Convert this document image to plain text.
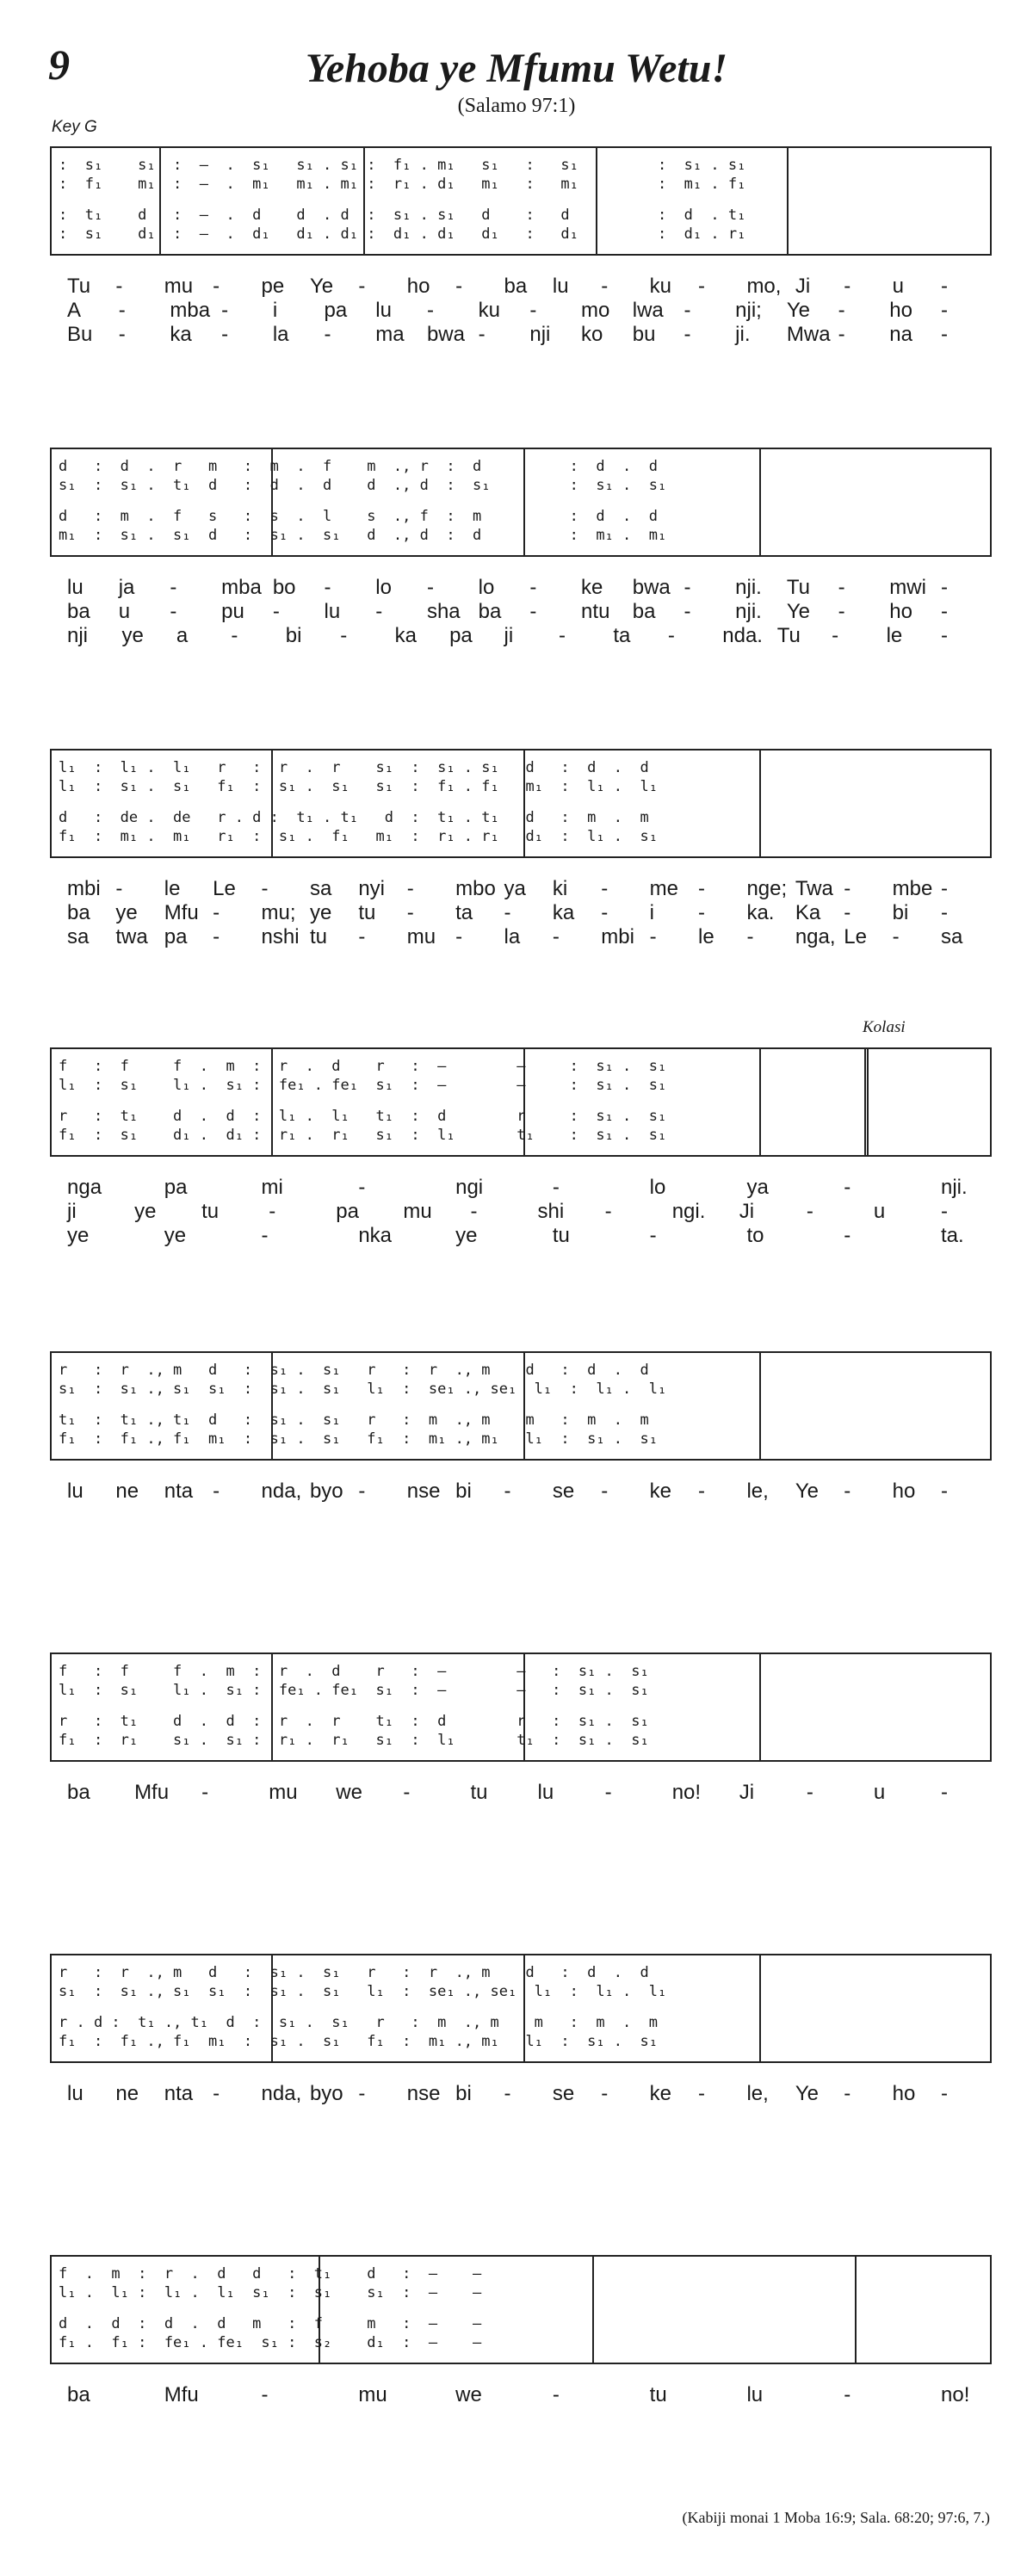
9	Yehoba ye Mfumu Wetu!
(Salamo 97:1)
Key G
Kolasi
:  s₁    s₁  :  –  .  s₁   s₁ . s₁ :  f₁ . m₁   s₁   :   s₁         :  s₁ . s₁
:  f₁    m₁  :  –  .  m₁   m₁ . m₁ :  r₁ . d₁   m₁   :   m₁         :  m₁ . f₁
:  t₁    d   :  –  .  d    d  . d  :  s₁ . s₁   d    :   d          :  d  . t₁
:  s₁    d₁  :  –  .  d₁   d₁ . d₁ :  d₁ . d₁   d₁   :   d₁         :  d₁ . r₁
Tu - mu - pe Ye - ho - ba lu - ku - mo, Ji - u -
A - mba - i pa lu - ku - mo lwa - nji; Ye - ho -
Bu - ka - la - ma bwa - nji ko bu - ji. Mwa - na -
d   :  d  .  r   m   :  m  .  f    m  ., r  :  d          :  d  .  d
s₁  :  s₁ .  t₁  d   :  d  .  d    d  ., d  :  s₁         :  s₁ .  s₁
d   :  m  .  f   s   :  s  .  l    s  ., f  :  m          :  d  .  d
m₁  :  s₁ .  s₁  d   :  s₁ .  s₁   d  ., d  :  d          :  m₁ .  m₁
lu ja - mba bo - lo - lo - ke bwa - nji. Tu - mwi -
ba u - pu - lu - sha ba - ntu ba - nji. Ye - ho -
nji ye a - bi - ka pa ji - ta - nda. Tu - le -
l₁  :  l₁ .  l₁   r   :  r  .  r    s₁  :  s₁ . s₁   d   :  d  .  d
l₁  :  s₁ .  s₁   f₁  :  s₁ .  s₁   s₁  :  f₁ . f₁   m₁  :  l₁ .  l₁
d   :  de .  de   r . d :  t₁ . t₁   d  :  t₁ . t₁   d   :  m  .  m
f₁  :  m₁ .  m₁   r₁  :  s₁ .  f₁   m₁  :  r₁ . r₁   d₁  :  l₁ .  s₁
mbi - le Le - sa nyi - mbo ya ki - me - nge; Twa - mbe -
ba ye Mfu - mu; ye tu - ta - ka - i - ka. Ka - bi -
sa twa pa - nshi tu - mu - la - mbi - le - nga, Le - sa
f   :  f     f  .  m  :  r  .  d    r   :  —        —     :  s₁ .  s₁
l₁  :  s₁    l₁ .  s₁ :  fe₁ . fe₁  s₁  :  —        —     :  s₁ .  s₁
r   :  t₁    d  .  d  :  l₁ .  l₁   t₁  :  d        r     :  s₁ .  s₁
f₁  :  s₁    d₁ .  d₁ :  r₁ .  r₁   s₁  :  l₁       t₁    :  s₁ .  s₁
nga	pa	mi	-	ngi	-	lo	ya	-	nji.
ji	ye tu -	pa mu -	shi -	ngi. Ji	-	u	-
ye	ye	-	nka	ye	tu	-	to	-	ta.
r   :  r  ., m   d   :  s₁ .  s₁   r   :  r  ., m    d   :  d  .  d
s₁  :  s₁ ., s₁  s₁  :  s₁ .  s₁   l₁  :  se₁ ., se₁  l₁  :  l₁ .  l₁
t₁  :  t₁ ., t₁  d   :  s₁ .  s₁   r   :  m  ., m    m   :  m  .  m
f₁  :  f₁ ., f₁  m₁  :  s₁ .  s₁   f₁  :  m₁ ., m₁   l₁  :  s₁ .  s₁
lu ne nta - nda, byo - nse bi - se - ke - le, Ye - ho -
f   :  f     f  .  m  :  r  .  d    r   :  —        —   :  s₁ .  s₁
l₁  :  s₁    l₁ .  s₁ :  fe₁ . fe₁  s₁  :  —        —   :  s₁ .  s₁
r   :  t₁    d  .  d  :  r  .  r    t₁  :  d        r   :  s₁ .  s₁
f₁  :  r₁    s₁ .  s₁ :  r₁ .  r₁   s₁  :  l₁       t₁  :  s₁ .  s₁
ba Mfu -	mu we -	tu lu -	no! Ji	-	u	-
r   :  r  ., m   d   :  s₁ .  s₁   r   :  r  ., m    d   :  d  .  d
s₁  :  s₁ ., s₁  s₁  :  s₁ .  s₁   l₁  :  se₁ ., se₁  l₁  :  l₁ .  l₁
r . d :  t₁ ., t₁  d  :  s₁ .  s₁   r   :  m  ., m    m   :  m  .  m
f₁  :  f₁ ., f₁  m₁  :  s₁ .  s₁   f₁  :  m₁ ., m₁   l₁  :  s₁ .  s₁
lu ne nta - nda, byo - nse bi - se - ke - le, Ye - ho -
f  .  m  :  r  .  d   d   :  t₁    d   :  —    —
l₁ .  l₁ :  l₁ .  l₁  s₁  :  s₁    s₁  :  —    —
d  .  d  :  d  .  d   m   :  f     m   :  —    —
f₁ .  f₁ :  fe₁ . fe₁  s₁ :  s₂    d₁  :  —    —
ba	Mfu	-	mu	we	-	tu	lu	-	no!
(Kabiji monai 1 Moba 16:9; Sala. 68:20; 97:6, 7.)
